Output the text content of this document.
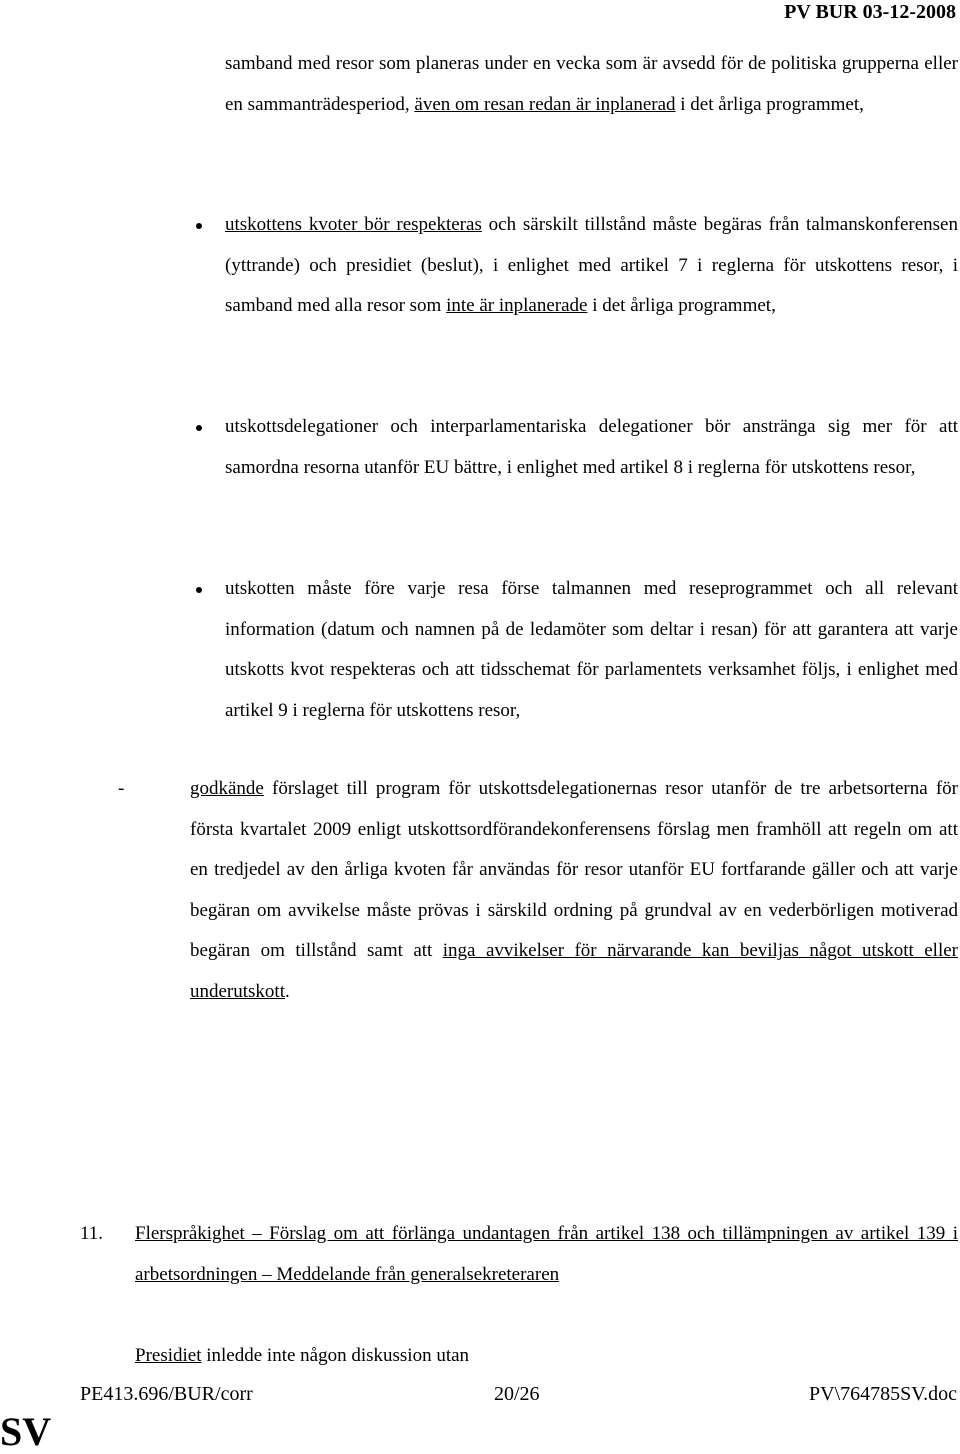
PV BUR 03-12-2008

samband med resor som planeras under en vecka som är avsedd för de politiska grupperna eller en sammanträdesperiod, även om resan redan är inplanerad i det årliga programmet,

utskottens kvoter bör respekteras och särskilt tillstånd måste begäras från talmanskonferensen (yttrande) och presidiet (beslut), i enlighet med artikel 7 i reglerna för utskottens resor, i samband med alla resor som inte är inplanerade i det årliga programmet,

utskottsdelegationer och interparlamentariska delegationer bör anstränga sig mer för att samordna resorna utanför EU bättre, i enlighet med artikel 8 i reglerna för utskottens resor,

utskotten måste före varje resa förse talmannen med reseprogrammet och all relevant information (datum och namnen på de ledamöter som deltar i resan) för att garantera att varje utskotts kvot respekteras och att tidsschemat för parlamentets verksamhet följs, i enlighet med artikel 9 i reglerna för utskottens resor,

-	godkände förslaget till program för utskottsdelegationernas resor utanför de tre arbetsorterna för första kvartalet 2009 enligt utskottsordförandekonferensens förslag men framhöll att regeln om att en tredjedel av den årliga kvoten får användas för resor utanför EU fortfarande gäller och att varje begäran om avvikelse måste prövas i särskild ordning på grundval av en vederbörligen motiverad begäran om tillstånd samt att inga avvikelser för närvarande kan beviljas något utskott eller underutskott.

11. Flerspråkighet – Förslag om att förlänga undantagen från artikel 138 och tillämpningen av artikel 139 i arbetsordningen – Meddelande från generalsekreteraren

Presidiet inledde inte någon diskussion utan

PE413.696/BUR/corr	20/26	PV\764785SV.doc
SV
